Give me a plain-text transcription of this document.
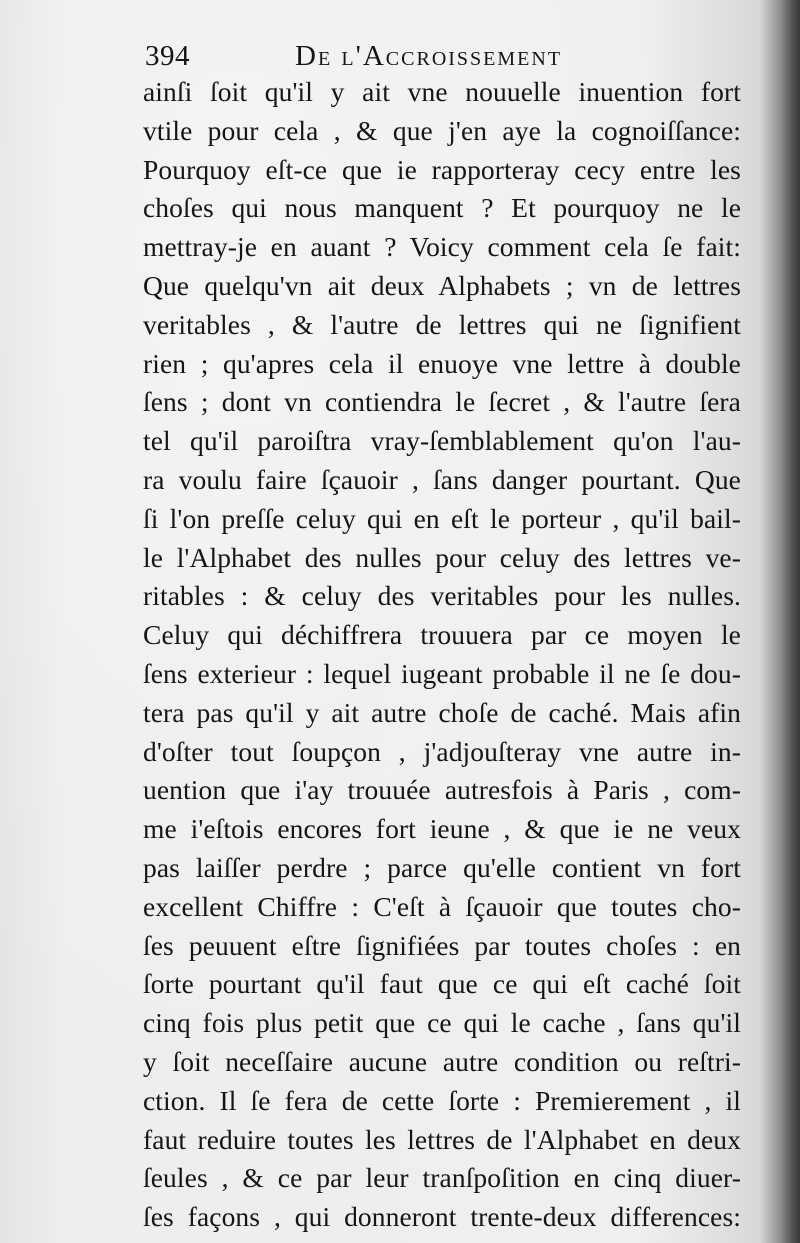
394	De l'Accroissement
ainſi ſoit qu'il y ait vne nouuelle inuention fort
vtile pour cela , & que j'en aye la cognoiſſance:
Pourquoy eſt-ce que ie rapporteray cecy entre les
choſes qui nous manquent ? Et pourquoy ne le
mettray-je en auant ? Voicy comment cela ſe fait:
Que quelqu'vn ait deux Alphabets ; vn de lettres
veritables , & l'autre de lettres qui ne ſignifient
rien ; qu'apres cela il enuoye vne lettre à double
ſens ; dont vn contiendra le ſecret , & l'autre ſera
tel qu'il paroiſtra vray-ſemblablement qu'on l'au-
ra voulu faire ſçauoir , ſans danger pourtant. Que
ſi l'on preſſe celuy qui en eſt le porteur , qu'il bail-
le l'Alphabet des nulles pour celuy des lettres ve-
ritables : & celuy des veritables pour les nulles.
Celuy qui déchiffrera trouuera par ce moyen le
ſens exterieur : lequel iugeant probable il ne ſe dou-
tera pas qu'il y ait autre choſe de caché. Mais afin
d'oſter tout ſoupçon , j'adjouſteray vne autre in-
uention que i'ay trouuée autresfois à Paris , com-
me i'eſtois encores fort ieune , & que ie ne veux
pas laiſſer perdre ; parce qu'elle contient vn fort
excellent Chiffre : C'eſt à ſçauoir que toutes cho-
ſes peuuent eſtre ſignifiées par toutes choſes : en
ſorte pourtant qu'il faut que ce qui eſt caché ſoit
cinq fois plus petit que ce qui le cache , ſans qu'il
y ſoit neceſſaire aucune autre condition ou reſtri-
ction. Il ſe fera de cette ſorte : Premierement , il
faut reduire toutes les lettres de l'Alphabet en deux
ſeules , & ce par leur tranſpoſition en cinq diuer-
ſes façons , qui donneront trente-deux differences:
